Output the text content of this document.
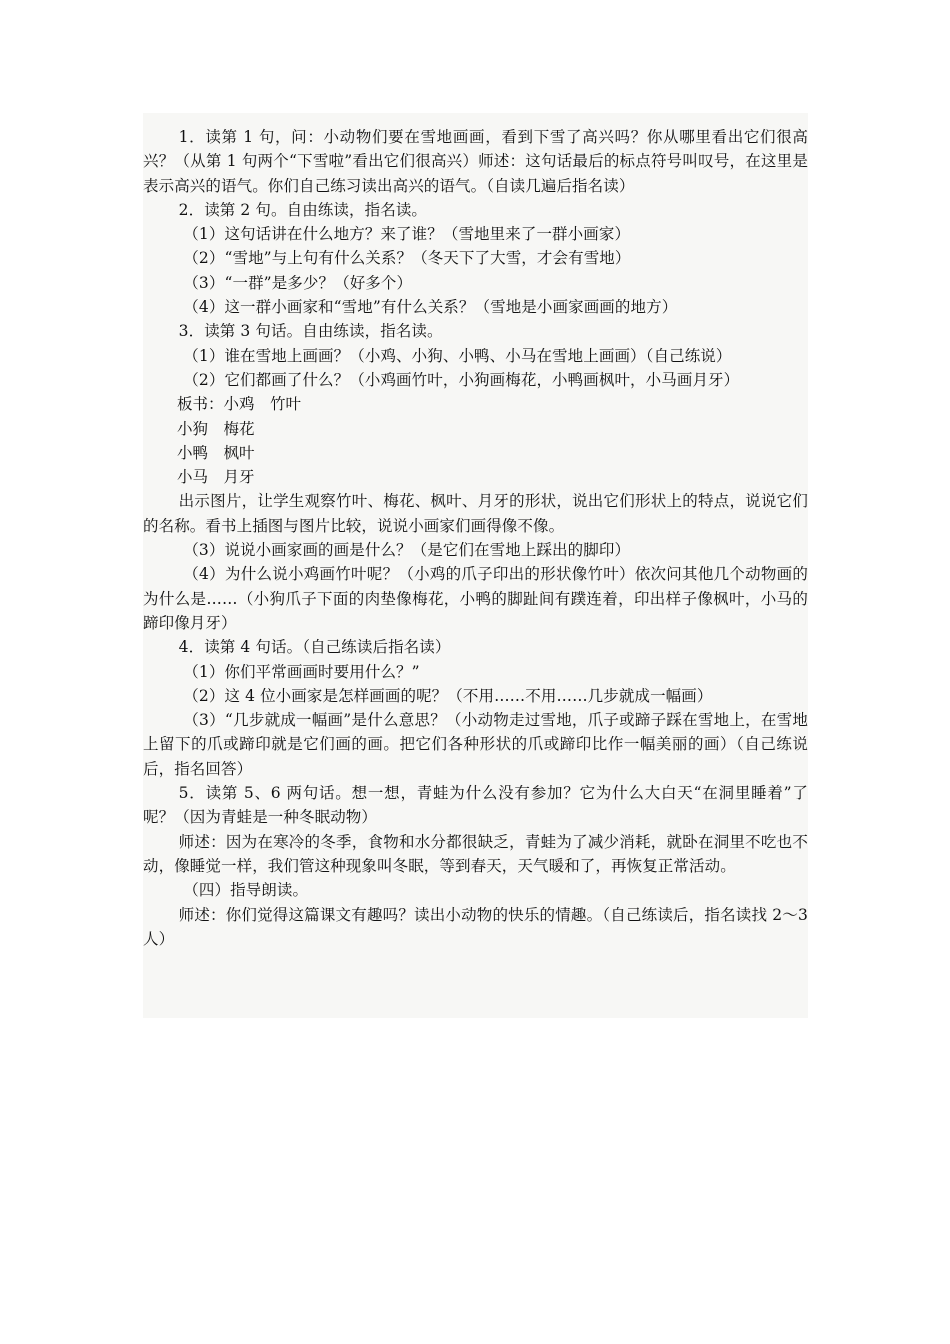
1．读第 1 句，问：小动物们要在雪地画画，看到下雪了高兴吗？你从哪里看出它们很高兴？（从第 1 句两个“下雪啦”看出它们很高兴）师述：这句话最后的标点符号叫叹号，在这里是表示高兴的语气。你们自己练习读出高兴的语气。（自读几遍后指名读）

2．读第 2 句。自由练读，指名读。

（1）这句话讲在什么地方？来了谁？（雪地里来了一群小画家）

（2）“雪地”与上句有什么关系？（冬天下了大雪，才会有雪地）

（3）“一群”是多少？（好多个）

（4）这一群小画家和“雪地”有什么关系？（雪地是小画家画画的地方）

3．读第 3 句话。自由练读，指名读。

（1）谁在雪地上画画？（小鸡、小狗、小鸭、小马在雪地上画画）（自己练说）

（2）它们都画了什么？（小鸡画竹叶，小狗画梅花，小鸭画枫叶，小马画月牙）

板书：小鸡　竹叶

小狗　梅花

小鸭　枫叶

小马　月牙

出示图片，让学生观察竹叶、梅花、枫叶、月牙的形状，说出它们形状上的特点，说说它们的名称。看书上插图与图片比较，说说小画家们画得像不像。

（3）说说小画家画的画是什么？（是它们在雪地上踩出的脚印）

（4）为什么说小鸡画竹叶呢？（小鸡的爪子印出的形状像竹叶）依次问其他几个动物画的为什么是……（小狗爪子下面的肉垫像梅花，小鸭的脚趾间有蹼连着，印出样子像枫叶，小马的蹄印像月牙）

4．读第 4 句话。（自己练读后指名读）

（1）你们平常画画时要用什么？”

（2）这 4 位小画家是怎样画画的呢？（不用……不用……几步就成一幅画）

（3）“几步就成一幅画”是什么意思？（小动物走过雪地，爪子或蹄子踩在雪地上，在雪地上留下的爪或蹄印就是它们画的画。把它们各种形状的爪或蹄印比作一幅美丽的画）（自己练说后，指名回答）

5．读第 5、6 两句话。想一想，青蛙为什么没有参加？它为什么大白天“在洞里睡着”了呢？（因为青蛙是一种冬眠动物）

师述：因为在寒冷的冬季，食物和水分都很缺乏，青蛙为了减少消耗，就卧在洞里不吃也不动，像睡觉一样，我们管这种现象叫冬眠，等到春天，天气暖和了，再恢复正常活动。

（四）指导朗读。

师述：你们觉得这篇课文有趣吗？读出小动物的快乐的情趣。（自己练读后，指名读找 2～3 人）
